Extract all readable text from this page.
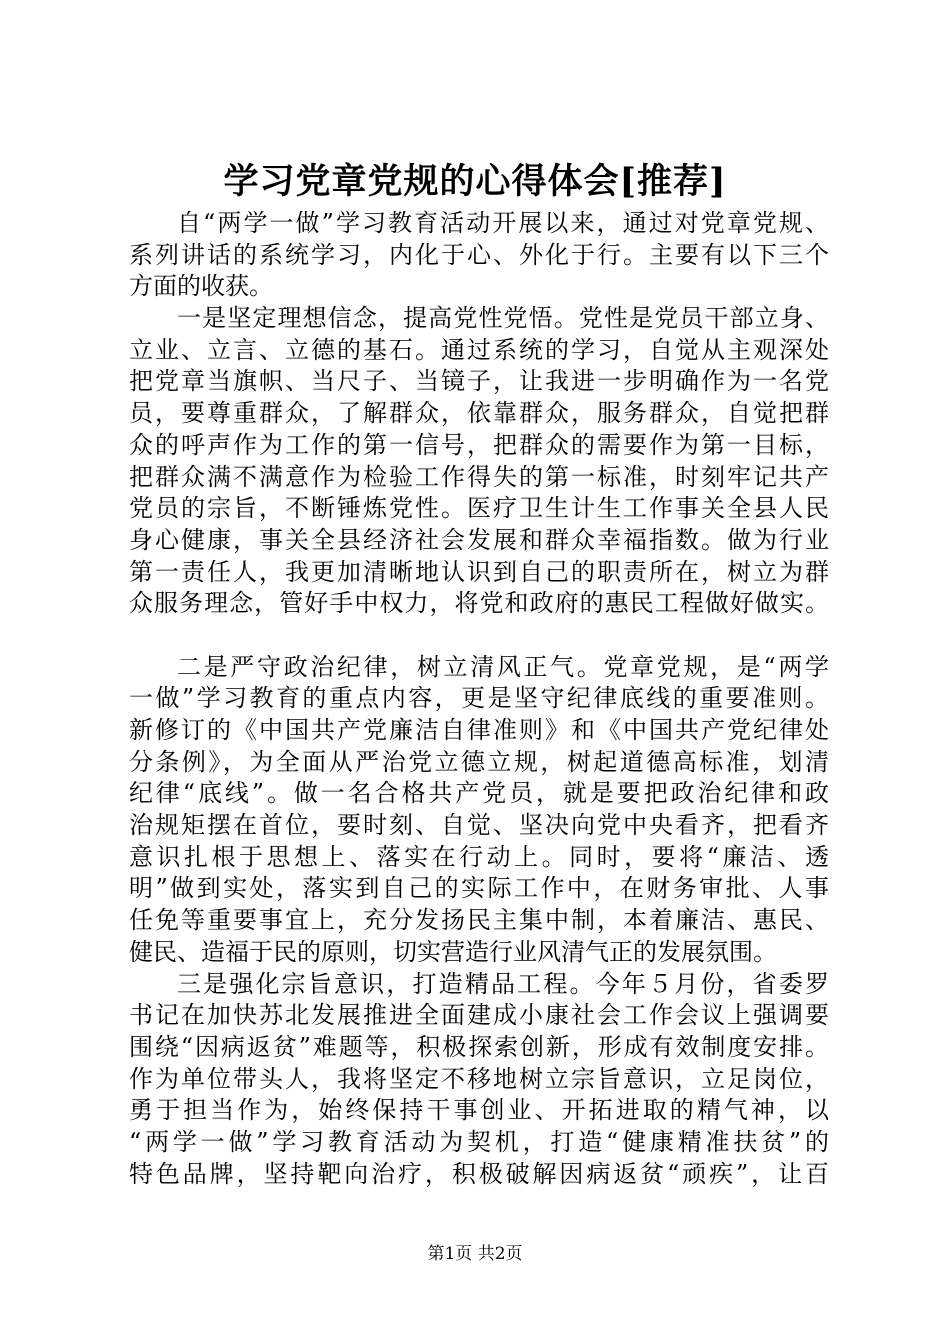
学习党章党规的心得体会[推荐]
自“两学一做”学习教育活动开展以来，通过对党章党规、
系列讲话的系统学习，内化于心、外化于行。主要有以下三个
方面的收获。
一是坚定理想信念，提高党性党悟。党性是党员干部立身、
立业、立言、立德的基石。通过系统的学习，自觉从主观深处
把党章当旗帜、当尺子、当镜子，让我进一步明确作为一名党
员，要尊重群众，了解群众，依靠群众，服务群众，自觉把群
众的呼声作为工作的第一信号，把群众的需要作为第一目标，
把群众满不满意作为检验工作得失的第一标准，时刻牢记共产
党员的宗旨，不断锤炼党性。医疗卫生计生工作事关全县人民
身心健康，事关全县经济社会发展和群众幸福指数。做为行业
第一责任人，我更加清晰地认识到自己的职责所在，树立为群
众服务理念，管好手中权力，将党和政府的惠民工程做好做实。
二是严守政治纪律，树立清风正气。党章党规，是“两学
一做”学习教育的重点内容，更是坚守纪律底线的重要准则。
新修订的《中国共产党廉洁自律准则》和《中国共产党纪律处
分条例》，为全面从严治党立德立规，树起道德高标准，划清
纪律“底线”。做一名合格共产党员，就是要把政治纪律和政
治规矩摆在首位，要时刻、自觉、坚决向党中央看齐，把看齐
意识扎根于思想上、落实在行动上。同时，要将“廉洁、透
明”做到实处，落实到自己的实际工作中，在财务审批、人事
任免等重要事宜上，充分发扬民主集中制，本着廉洁、惠民、
健民、造福于民的原则，切实营造行业风清气正的发展氛围。
三是强化宗旨意识，打造精品工程。今年５月份，省委罗
书记在加快苏北发展推进全面建成小康社会工作会议上强调要
围绕“因病返贫”难题等，积极探索创新，形成有效制度安排。
作为单位带头人，我将坚定不移地树立宗旨意识，立足岗位，
勇于担当作为，始终保持干事创业、开拓进取的精气神，以
“两学一做”学习教育活动为契机，打造“健康精准扶贫”的
特色品牌，坚持靶向治疗，积极破解因病返贫“顽疾”，让百
第1页 共2页
